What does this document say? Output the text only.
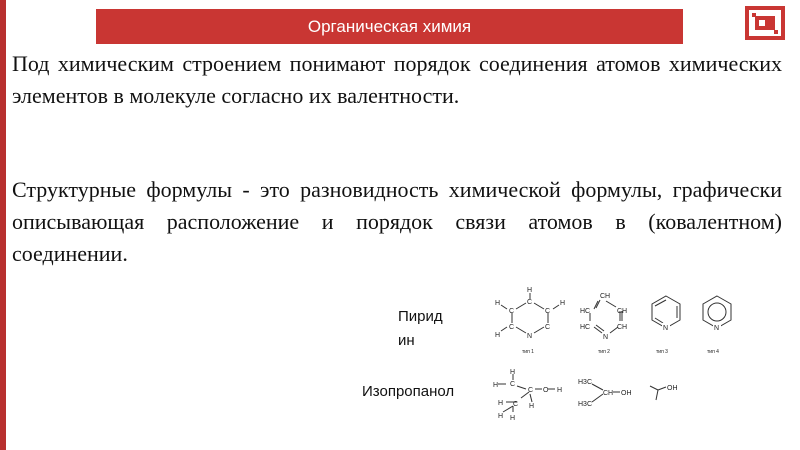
Органическая химия

Под химическим строением понимают порядок соединения атомов химических элементов в молекуле согласно их валентности.

Структурные формулы - это разновидность химической формулы, графически описывающая расположение и порядок связи атомов в (ковалентном) соединении.

Пиридин
Изопропанол
H
C
C	C
C	C
N
H	H
H
тип 1
CH
HC	CH
HC	CH
N
тип 2
N
тип 3
N
тип 4
H
C
H
C O H
H
C
H
H H
H3C
H3C
CH OH
OH
